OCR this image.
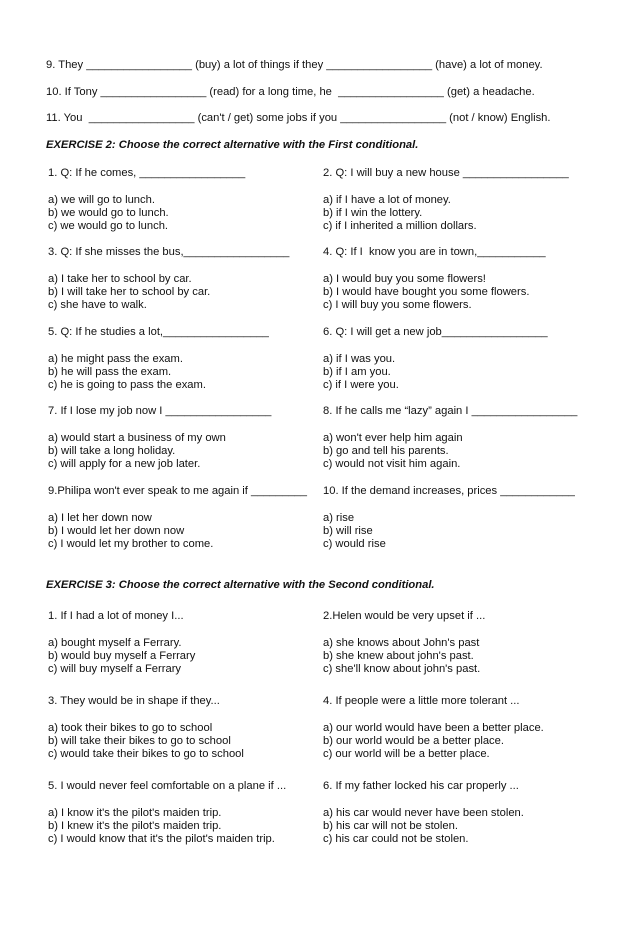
9. They _________________ (buy) a lot of things if they _________________ (have) a lot of money.
10. If Tony _________________ (read) for a long time, he  _________________ (get) a headache.
11. You  _________________ (can't / get) some jobs if you _________________ (not / know) English.
EXERCISE 2: Choose the correct alternative with the First conditional.
1. Q: If he comes, _________________
a) we will go to lunch.
b) we would go to lunch.
c) we would go to lunch.
2. Q: I will buy a new house _________________
a) if I have a lot of money.
b) if I win the lottery.
c) if I inherited a million dollars.
3. Q: If she misses the bus,_________________
a) I take her to school by car.
b) I will take her to school by car.
c) she have to walk.
4. Q: If I  know you are in town,___________
a) I would buy you some flowers!
b) I would have bought you some flowers.
c) I will buy you some flowers.
5. Q: If he studies a lot,_________________
a) he might pass the exam.
b) he will pass the exam.
c) he is going to pass the exam.
6. Q: I will get a new job_________________
a) if I was you.
b) if I am you.
c) if I were you.
7. If I lose my job now I _________________
a) would start a business of my own
b) will take a long holiday.
c) will apply for a new job later.
8. If he calls me “lazy” again I _________________
a) won't ever help him again
b) go and tell his parents.
c) would not visit him again.
9.Philipa won't ever speak to me again if _________
a) I let her down now
b) I would let her down now
c) I would let my brother to come.
10. If the demand increases, prices ____________
a) rise
b) will rise
c) would rise
EXERCISE 3: Choose the correct alternative with the Second conditional.
1. If I had a lot of money I...
a) bought myself a Ferrary.
b) would buy myself a Ferrary
c) will buy myself a Ferrary
2.Helen would be very upset if ...
a) she knows about John's past
b) she knew about john's past.
c) she'll know about john's past.
3. They would be in shape if they...
a) took their bikes to go to school
b) will take their bikes to go to school
c) would take their bikes to go to school
4. If people were a little more tolerant ...
a) our world would have been a better place.
b) our world would be a better place.
c) our world will be a better place.
5. I would never feel comfortable on a plane if ...
a) I know it's the pilot's maiden trip.
b) I knew it's the pilot's maiden trip.
c) I would know that it's the pilot's maiden trip.
6. If my father locked his car properly ...
a) his car would never have been stolen.
b) his car will not be stolen.
c) his car could not be stolen.
